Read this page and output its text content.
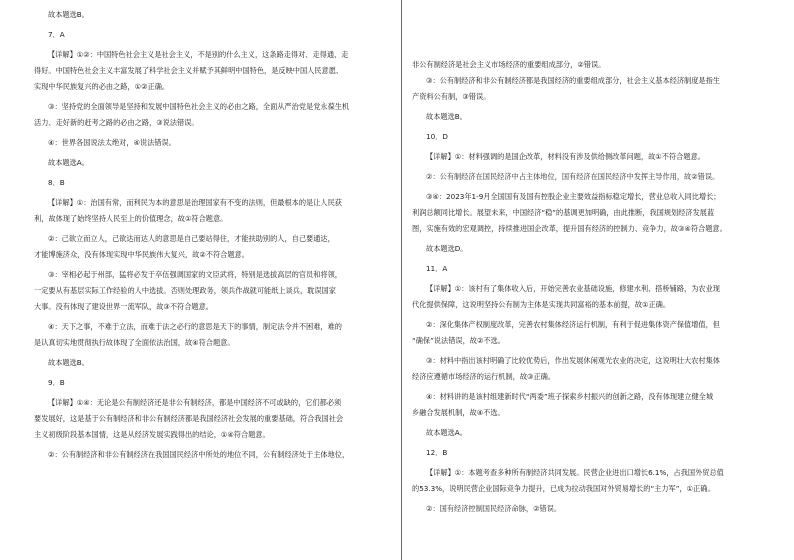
故本题选B。
7．A
【详解】①②：中国特色社会主义是社会主义，不是别的什么主义，这条路走得对、走得通、走
得好。中国特色社会主义丰富发展了科学社会主义并赋予其鲜明中国特色，是反映中国人民意愿、
实现中华民族复兴的必由之路，①②正确。
③：坚持党的全面领导是坚持和发展中国特色社会主义的必由之路，全面从严治党是党永葆生机
活力、走好新的赶考之路的必由之路，③说法错误。
④：世界各国说法太绝对，④说法错误。
故本题选A。
8．B
【详解】①：治国有常，而利民为本的意思是治理国家有不变的法则，但最根本的是让人民获
利，故体现了始终坚持人民至上的价值理念，故①符合题意。
②：己欲立而立人，己欲达而达人的意思是自己要站得住，才能扶助别的人，自己要通达，
才能博施济众，没有体现实现中华民族伟大复兴，故②不符合题意。
③：宰相必起于州部，猛将必发于卒伍强调国家的文臣武将，特别是选拔高层的官员和将领，
一定要从有基层实际工作经验的人中选拔。否则处理政务，领兵作战就可能纸上谈兵，耽误国家
大事。没有体现了建设世界一流军队，故③不符合题意。
④：天下之事，不难于立法，而难于法之必行的意思是天下的事情，制定法令并不困难，难的
是认真切实地贯彻执行故体现了全面依法治国，故④符合题意。
故本题选B。
9．B
【详解】①④：无论是公有制经济还是非公有制经济，都是中国经济不可或缺的，它们都必须
要发展好，这是基于公有制经济和非公有制经济都是我国经济社会发展的重要基础，符合我国社会
主义初级阶段基本国情，这是从经济发展实践得出的结论，①④符合题意。
②：公有制经济和非公有制经济在我国国民经济中所处的地位不同，公有制经济处于主体地位，
非公有制经济是社会主义市场经济的重要组成部分，②错误。
③：公有制经济和非公有制经济都是我国经济的重要组成部分，社会主义基本经济制度是指生
产资料公有制，③错误。
故本题选B。
10．D
【详解】①：材料强调的是国企改革，材料没有涉及供给侧改革问题，故①不符合题意。
②：公有制经济在国民经济中占主体地位，国有经济在国民经济中发挥主导作用，故②错误。
③④：2023年1-9月全国国有及国有控股企业主要效益指标稳定增长，营业总收入同比增长；
利润总额同比增长。展望未来，中国经济“稳”的基调更加明确，由此推断，我国规划经济发展蓝
图，实施有效的宏观调控，持续推进国企改革，提升国有经济的控制力、竞争力，故③④符合题意。
故本题选D。
11．A
【详解】①：该村有了集体收入后，开始完善农业基础设施，修建水利、搭桥铺路，为农业现
代化提供保障，这说明坚持公有制为主体是实现共同富裕的基本前提，故①正确。
②：深化集体产权制度改革，完善农村集体经济运行机制，有利于促进集体资产保值增值，但
“确保”说法错误，故②不选。
③：材料中指出该村明确了比较优势后，作出发展休闲观光农业的决定，这说明壮大农村集体
经济应遵循市场经济的运行机制，故③正确。
④：材料讲的是该村组建新时代“两委”班子探索乡村振兴的创新之路，没有体现建立健全城
乡融合发展机制，故④不选。
故本题选A。
12．B
【详解】①：本题考查多种所有制经济共同发展。民营企业进出口增长6.1%，占我国外贸总值
的53.3%，说明民营企业国际竞争力提升，已成为拉动我国对外贸易增长的“主力军”，①正确。
②：国有经济控制国民经济命脉，②错误。
